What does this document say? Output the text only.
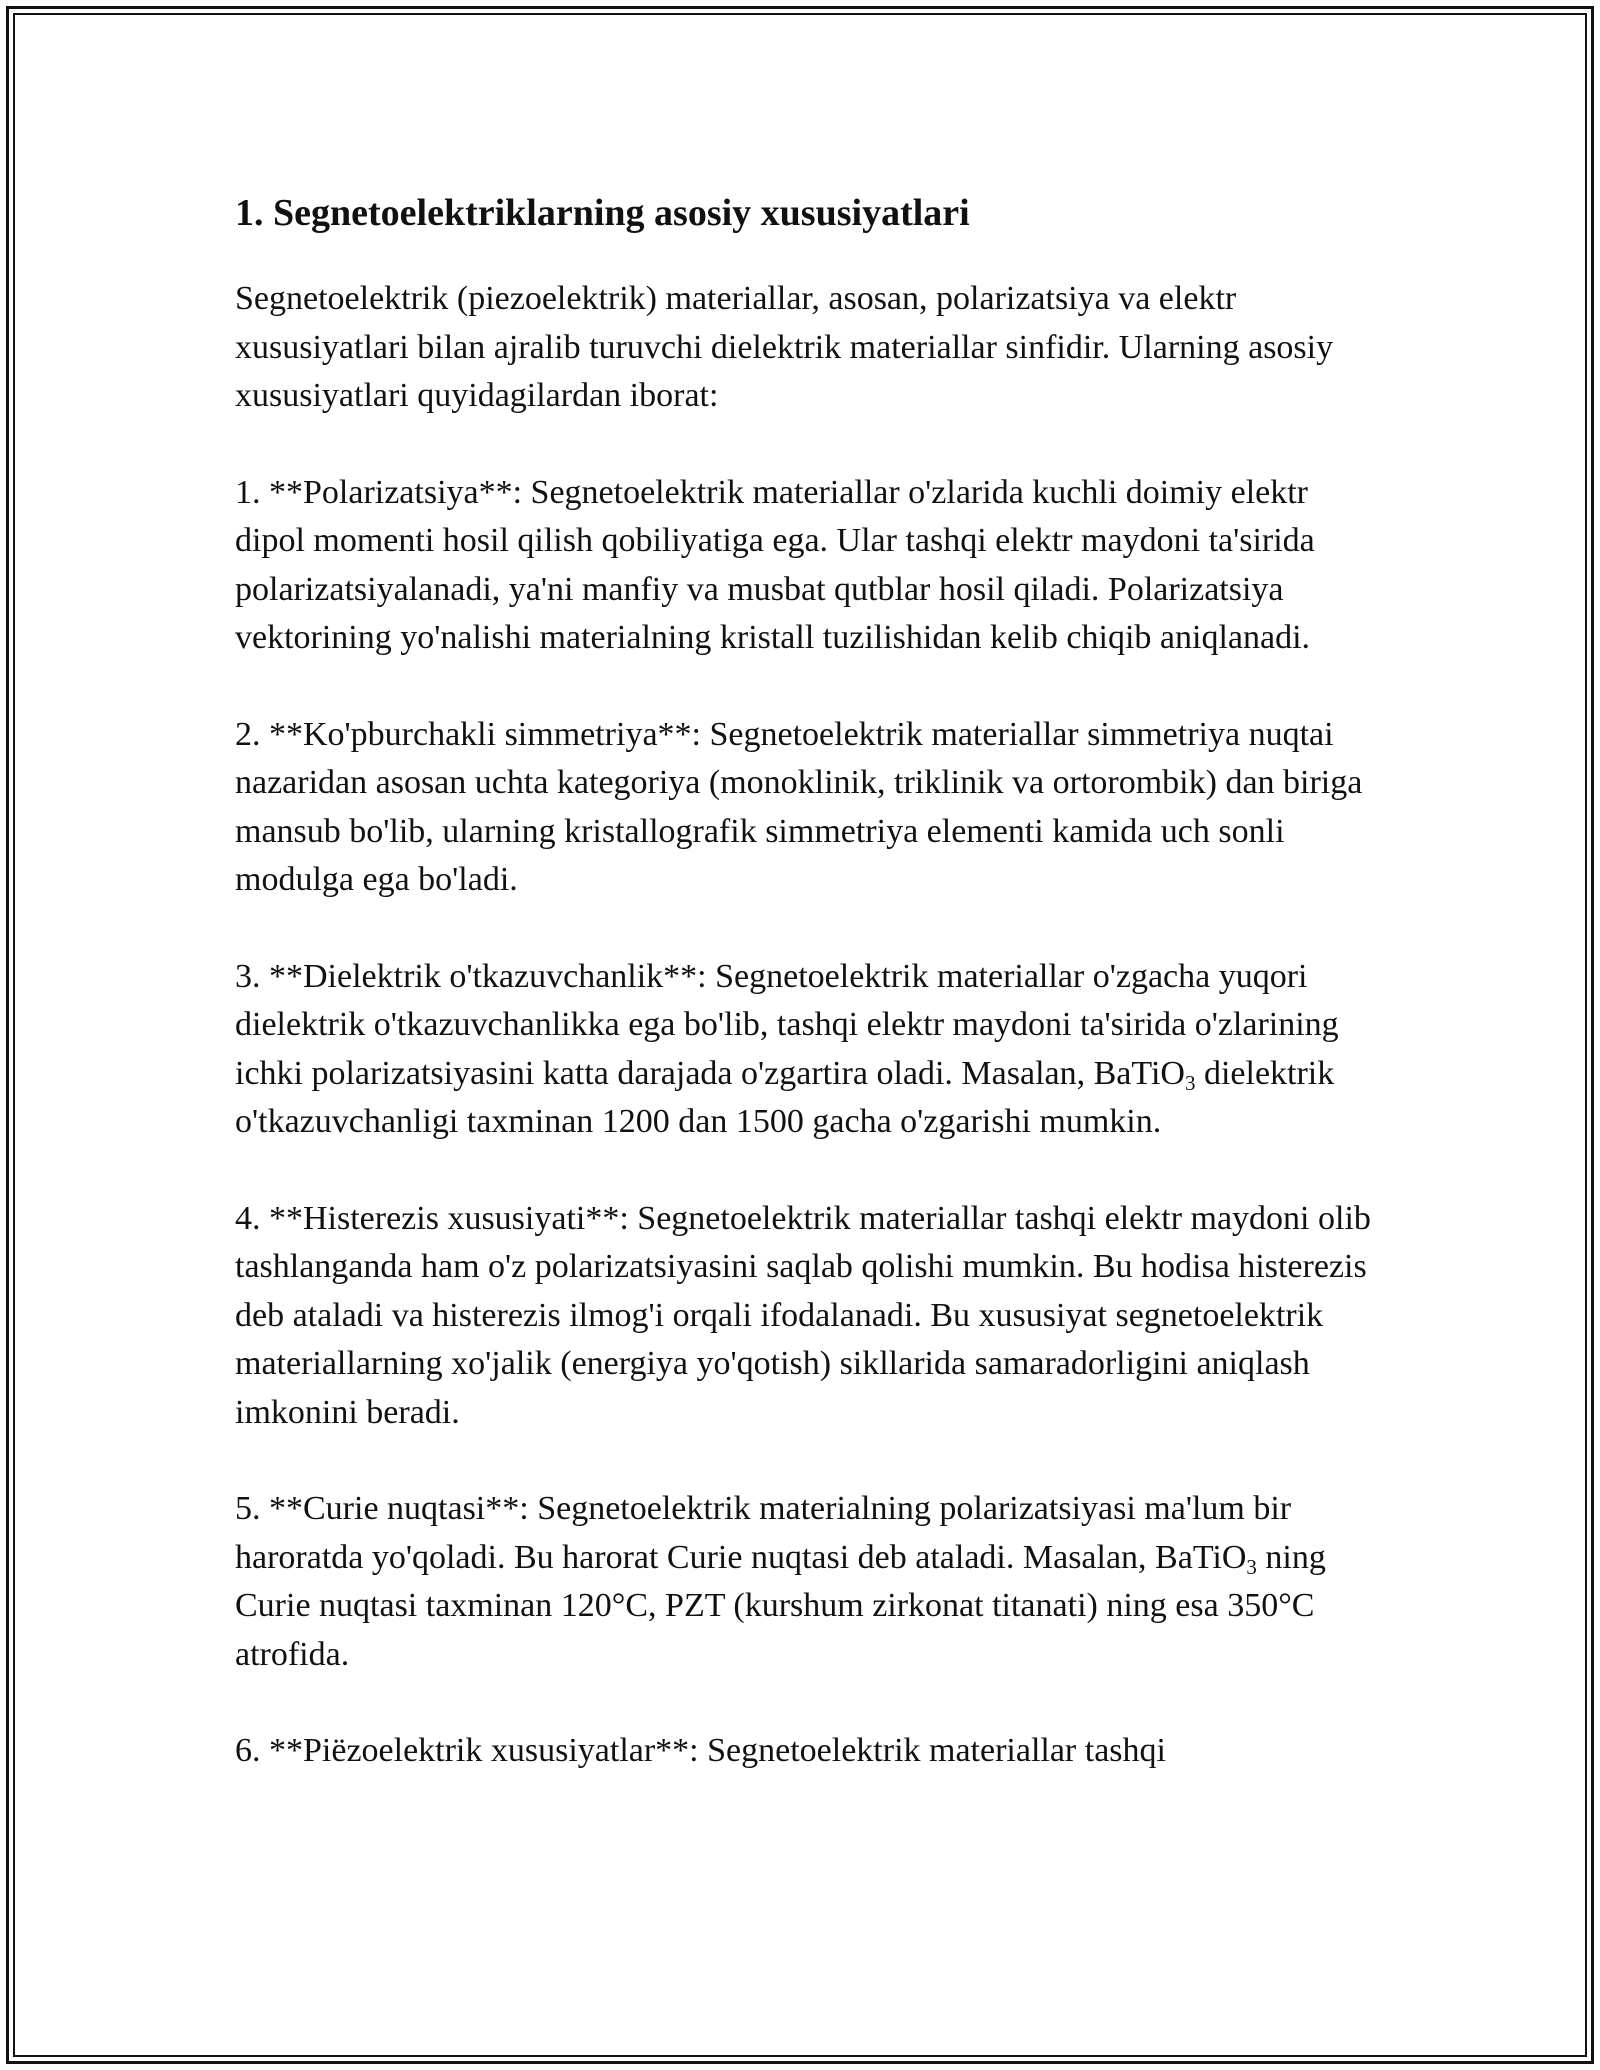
1. Segnetoelektriklarning asosiy xususiyatlari

Segnetoelektrik (piezoelektrik) materiallar, asosan, polarizatsiya va elektr xususiyatlari bilan ajralib turuvchi dielektrik materiallar sinfidir. Ularning asosiy xususiyatlari quyidagilardan iborat:

1. **Polarizatsiya**: Segnetoelektrik materiallar o'zlarida kuchli doimiy elektr dipol momenti hosil qilish qobiliyatiga ega. Ular tashqi elektr maydoni ta'sirida polarizatsiyalanadi, ya'ni manfiy va musbat qutblar hosil qiladi. Polarizatsiya vektorining yo'nalishi materialning kristall tuzilishidan kelib chiqib aniqlanadi.

2. **Ko'pburchakli simmetriya**: Segnetoelektrik materiallar simmetriya nuqtai nazaridan asosan uchta kategoriya (monoklinik, triklinik va ortorombik) dan biriga mansub bo'lib, ularning kristallografik simmetriya elementi kamida uch sonli modulga ega bo'ladi.

3. **Dielektrik o'tkazuvchanlik**: Segnetoelektrik materiallar o'zgacha yuqori dielektrik o'tkazuvchanlikka ega bo'lib, tashqi elektr maydoni ta'sirida o'zlarining ichki polarizatsiyasini katta darajada o'zgartira oladi. Masalan, BaTiO$_3$ dielektrik o'tkazuvchanligi taxminan 1200 dan 1500 gacha o'zgarishi mumkin.

4. **Histerezis xususiyati**: Segnetoelektrik materiallar tashqi elektr maydoni olib tashlanganda ham o'z polarizatsiyasini saqlab qolishi mumkin. Bu hodisa histerezis deb ataladi va histerezis ilmog'i orqali ifodalanadi. Bu xususiyat segnetoelektrik materiallarning xo'jalik (energiya yo'qotish) sikllarida samaradorligini aniqlash imkonini beradi.

5. **Curie nuqtasi**: Segnetoelektrik materialning polarizatsiyasi ma'lum bir haroratda yo'qoladi. Bu harorat Curie nuqtasi deb ataladi. Masalan, BaTiO$_3$ ning Curie nuqtasi taxminan 120°C, PZT (kurshum zirkonat titanati) ning esa 350°C atrofida.

6. **Piëzoelektrik xususiyatlar**: Segnetoelektrik materiallar tashqi
